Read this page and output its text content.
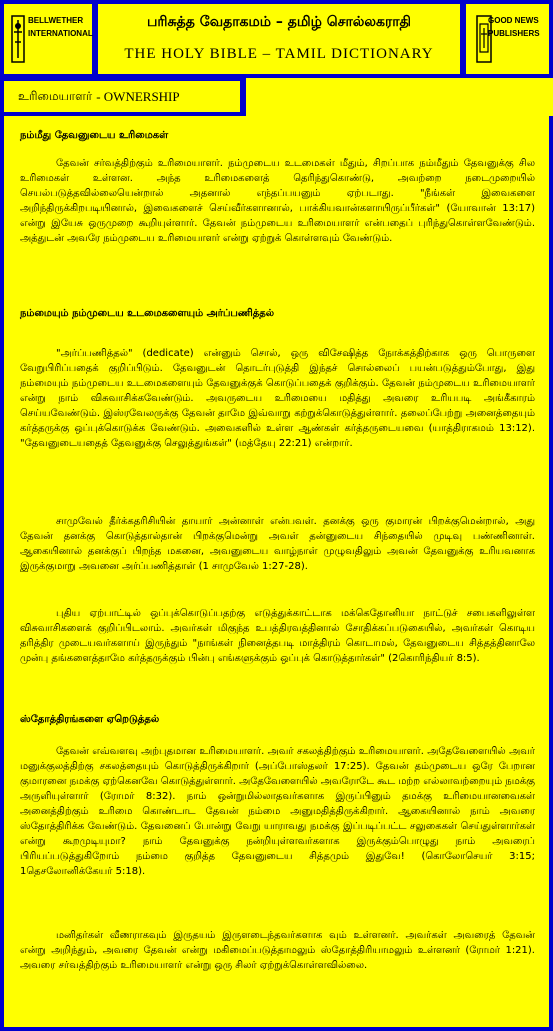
BELLWETHER
INTERNATIONAL
பரிசுத்த வேதாகமம் – தமிழ் சொல்லகராதி
THE HOLY BIBLE – TAMIL DICTIONARY
GOOD NEWS
PUBLISHERS
உரிமையாளர் - OWNERSHIP
நம்மீது தேவனுடைய உரிமைகள்

தேவன் சர்வத்திற்கும் உரிமையாளர். நம்முடைய உடமைகள் மீதும், சிறப்பாக நம்மீதும் தேவனுக்கு சில உரிமைகள் உள்ளன. அந்த உரிமைகளைத் தெரிந்துகொண்டு, அவற்றை நடைமுறையில் செயல்படுத்தவில்லையென்றால் அதனால் எந்தப்பயனும் ஏற்படாது. "நீங்கள் இவைகளை அறிந்திருக்கிறபடியினால், இவைகளைச் செய்வீர்களானால், பாக்கியவான்களாயிருப்பீர்கள்" (யோவான் 13:17) என்று இயேசு ஒருமுறை கூறியுள்ளார். தேவன் நம்முடைய உரிமையாளர் என்பதைப் புரிந்துகொள்ளவேண்டும். அத்துடன் அவரே நம்முடைய உரிமையாளர் என்று ஏற்றுக் கொள்ளவும் வேண்டும்.

நம்மையும் நம்முடைய உடமைகளையும் அர்ப்பணித்தல்

"அர்ப்பணித்தல்" (dedicate) என்னும் சொல், ஒரு விசேஷித்த நோக்கத்திற்காக ஒரு பொருளை வேறுபிரிப்பதைக் குறிப்பிடும். தேவனுடன் தொடர்புடுத்தி இந்தச் சொல்லைப் பயன்படுத்தும்போது, இது நம்மையும் நம்முடைய உடமைகளையும் தேவனுக்குக் கொடுப்பதைக் குறிக்கும். தேவன் நம்முடைய உரிமையாளர் என்று நாம் விசுவாசிக்கவேண்டும். அவருடைய உரிமையை மதித்து அவரை உரியபடி அங்கீகாரம் செய்யவேண்டும். இஸ்ரவேலருக்கு தேவன் தாமே இவ்வாறு கற்றுக்கொடுத்துள்ளார். தலைப்பேற்று அனைத்தையும் கர்த்தருக்கு ஒப்புக்கொடுக்க வேண்டும். அவைகளில் உள்ள ஆண்கள் கர்த்தருடையவை (யாத்திராகமம் 13:12). "தேவனுடையதைத் தேவனுக்கு செலுத்துங்கள்" (மத்தேயு 22:21) என்றார்.

சாமுவேல் தீர்க்கதரிசியின் தாயார் அன்னாள் என்பவள். தனக்கு ஒரு குமாரன் பிறக்குமென்றால், அது தேவன் தனக்கு கொடுத்தால்தான் பிறக்குமென்று அவள் தன்னுடைய சிந்தையில் முடிவு பண்ணினாள். ஆகையினால் தனக்குப் பிறந்த மகனை, அவனுடைய வாழ்நாள் முழுவதிலும் அவன் தேவனுக்கு உரியவனாக இருக்குமாறு அவனை அர்ப்பணித்தாள் (1 சாமுவேல் 1:27-28).

புதிய ஏற்பாட்டில் ஒப்புக்கொடுப்பதற்கு எடுத்துக்காட்டாக மக்கெதோனியா நாட்டுச் சபைகளிலுள்ள விசுவாசிகளைக் குறிப்பிடலாம். அவர்கள் மிகுந்த உபத்திரவத்தினால் சோதிக்கப்படுகையில், அவர்கள் கொடிய தரித்திர முடையவர்களாய் இருந்தும் "நாங்கள் நினைத்தபடி மாத்திரம் கொடாமல், தேவனுடைய சித்தத்தினாலே முன்பு தங்களைத்தாமே கர்த்தருக்கும் பின்பு எங்களுக்கும் ஒப்புக் கொடுத்தார்கள்" (2கொரிந்தியர் 8:5).

ஸ்தோத்திரங்களை ஏறெடுத்தல்

தேவன் எவ்வளவு அற்புதமான உரிமையாளர். அவர் சகலத்திற்கும் உரிமையாளர். அதேவேளையில் அவர் மனுக்குலத்திற்கு சகலத்தையும் கொடுத்திருக்கிறார் (அப்போஸ்தலர் 17:25). தேவன் தம்முடைய ஒரே பேறான குமாரனை நமக்கு ஏற்கெனவே கொடுத்துள்ளார். அதேவேளையில் அவரோடே கூட மற்ற எல்லாவற்றையும் நமக்கு அருளியுள்ளார் (ரோமர் 8:32). நாம் ஒன்றுமில்லாதவர்களாக இருப்பினும் தமக்கு உரிமையானவைகள் அனைத்திற்கும் உரிமை கொண்டாட தேவன் நம்மை அனுமதித்திருக்கிறார். ஆகையினால் நாம் அவரை ஸ்தோத்திரிக்க வேண்டும். தேவனைப் போன்று வேறு யாராவது நமக்கு இப்படிப்பட்ட சலுகைகள் செய்துள்ளார்கள் என்று கூறமுடியுமா? நாம் தேவனுக்கு நன்றியுள்ளவர்களாக இருக்கும்பொழுது நாம் அவரைப் பிரியப்படுத்துகிறோம் நம்மை குறித்த தேவனுடைய சித்தமும் இதுவே! (கொலோசெயர் 3:15; 1தெசலோனிக்கேயர் 5:18).

மனிதர்கள் வீணராகவும் இருதயம் இருளடைந்தவர்களாக வும் உள்ளனர். அவர்கள் அவரைத் தேவன் என்று அறிந்தும், அவரை தேவன் என்று மகிமைப்படுத்தாமலும் ஸ்தோத்திரியாமலும் உள்ளனர் (ரோமர் 1:21). அவரை சர்வத்திற்கும் உரிமையாளர் என்று ஒரு சிலர் ஏற்றுக்கொள்ளவில்லை.
